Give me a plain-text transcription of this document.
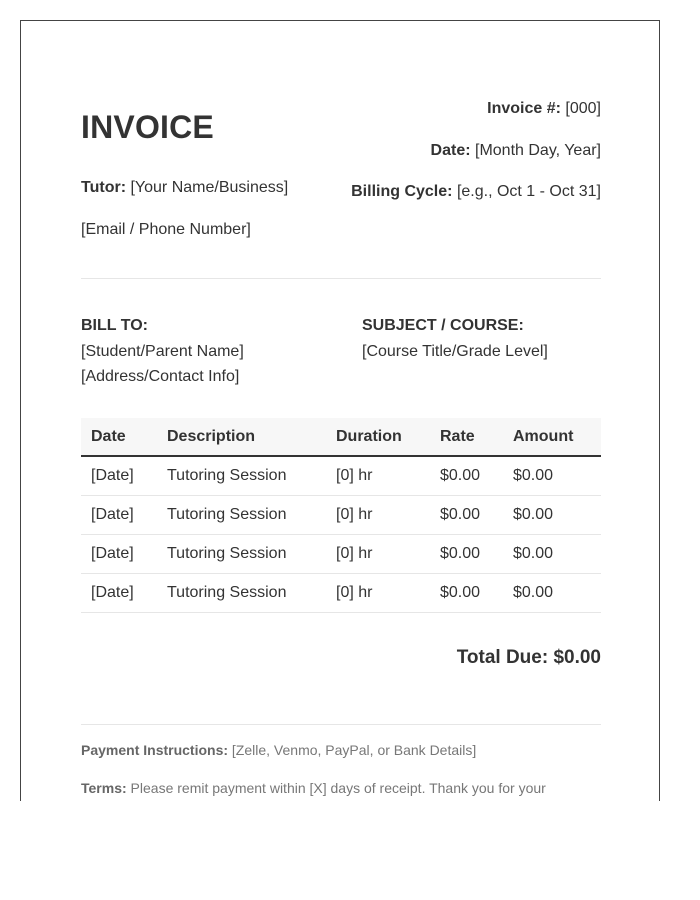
INVOICE
Invoice #: [000]
Date: [Month Day, Year]
Billing Cycle: [e.g., Oct 1 - Oct 31]
Tutor: [Your Name/Business]
[Email / Phone Number]
BILL TO:
[Student/Parent Name]
[Address/Contact Info]
SUBJECT / COURSE:
[Course Title/Grade Level]
Date	Description	Duration	Rate	Amount
[Date]	Tutoring Session	[0] hr	$0.00	$0.00
[Date]	Tutoring Session	[0] hr	$0.00	$0.00
[Date]	Tutoring Session	[0] hr	$0.00	$0.00
[Date]	Tutoring Session	[0] hr	$0.00	$0.00
Total Due: $0.00
Payment Instructions: [Zelle, Venmo, PayPal, or Bank Details]
Terms: Please remit payment within [X] days of receipt. Thank you for your
